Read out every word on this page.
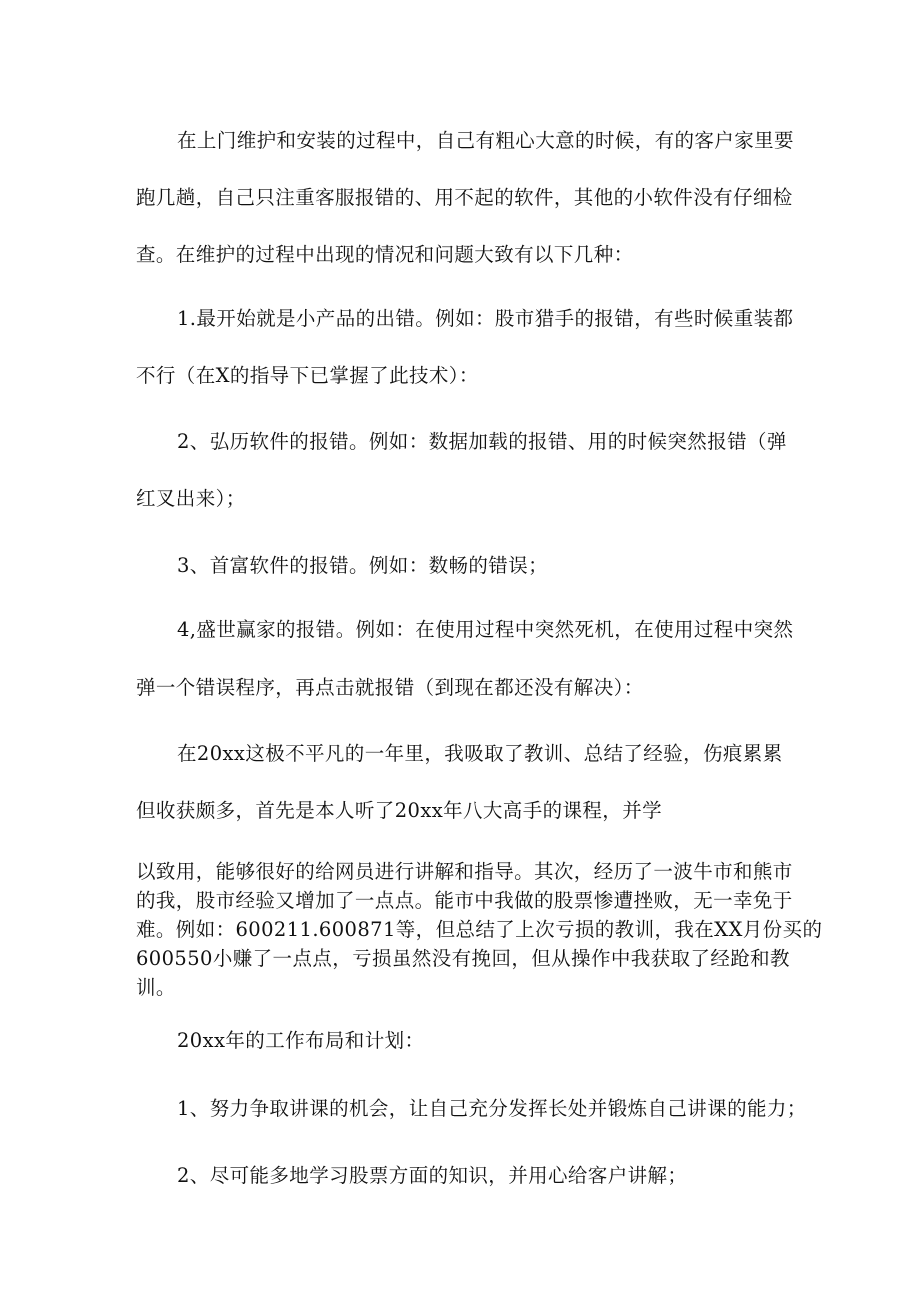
在上门维护和安装的过程中，自己有粗心大意的时候，有的客户家里要

跑几趟，自己只注重客服报错的、用不起的软件，其他的小软件没有仔细检

查。在维护的过程中出现的情况和问题大致有以下几种：

1.最开始就是小产品的出错。例如：股市猎手的报错，有些时候重装都

不行（在X的指导下已掌握了此技术）：

2、弘历软件的报错。例如：数据加载的报错、用的时候突然报错（弹

红叉出来）；

3、首富软件的报错。例如：数畅的错误；

4,盛世赢家的报错。例如：在使用过程中突然死机，在使用过程中突然

弹一个错误程序，再点击就报错（到现在都还没有解决）：

在20xx这极不平凡的一年里，我吸取了教训、总结了经验，伤痕累累

但收获颇多，首先是本人听了20xx年八大高手的课程，并学

以致用，能够很好的给网员进行讲解和指导。其次，经历了一波牛市和熊市
的我，股市经验又增加了一点点。能市中我做的股票惨遭挫败，无一幸免于
难。例如：600211.600871等，但总结了上次亏损的教训，我在XX月份买的
600550小赚了一点点，亏损虽然没有挽回，但从操作中我获取了经跄和教
训。

20xx年的工作布局和计划：

1、努力争取讲课的机会，让自己充分发挥长处并锻炼自己讲课的能力；

2、尽可能多地学习股票方面的知识，并用心给客户讲解；
